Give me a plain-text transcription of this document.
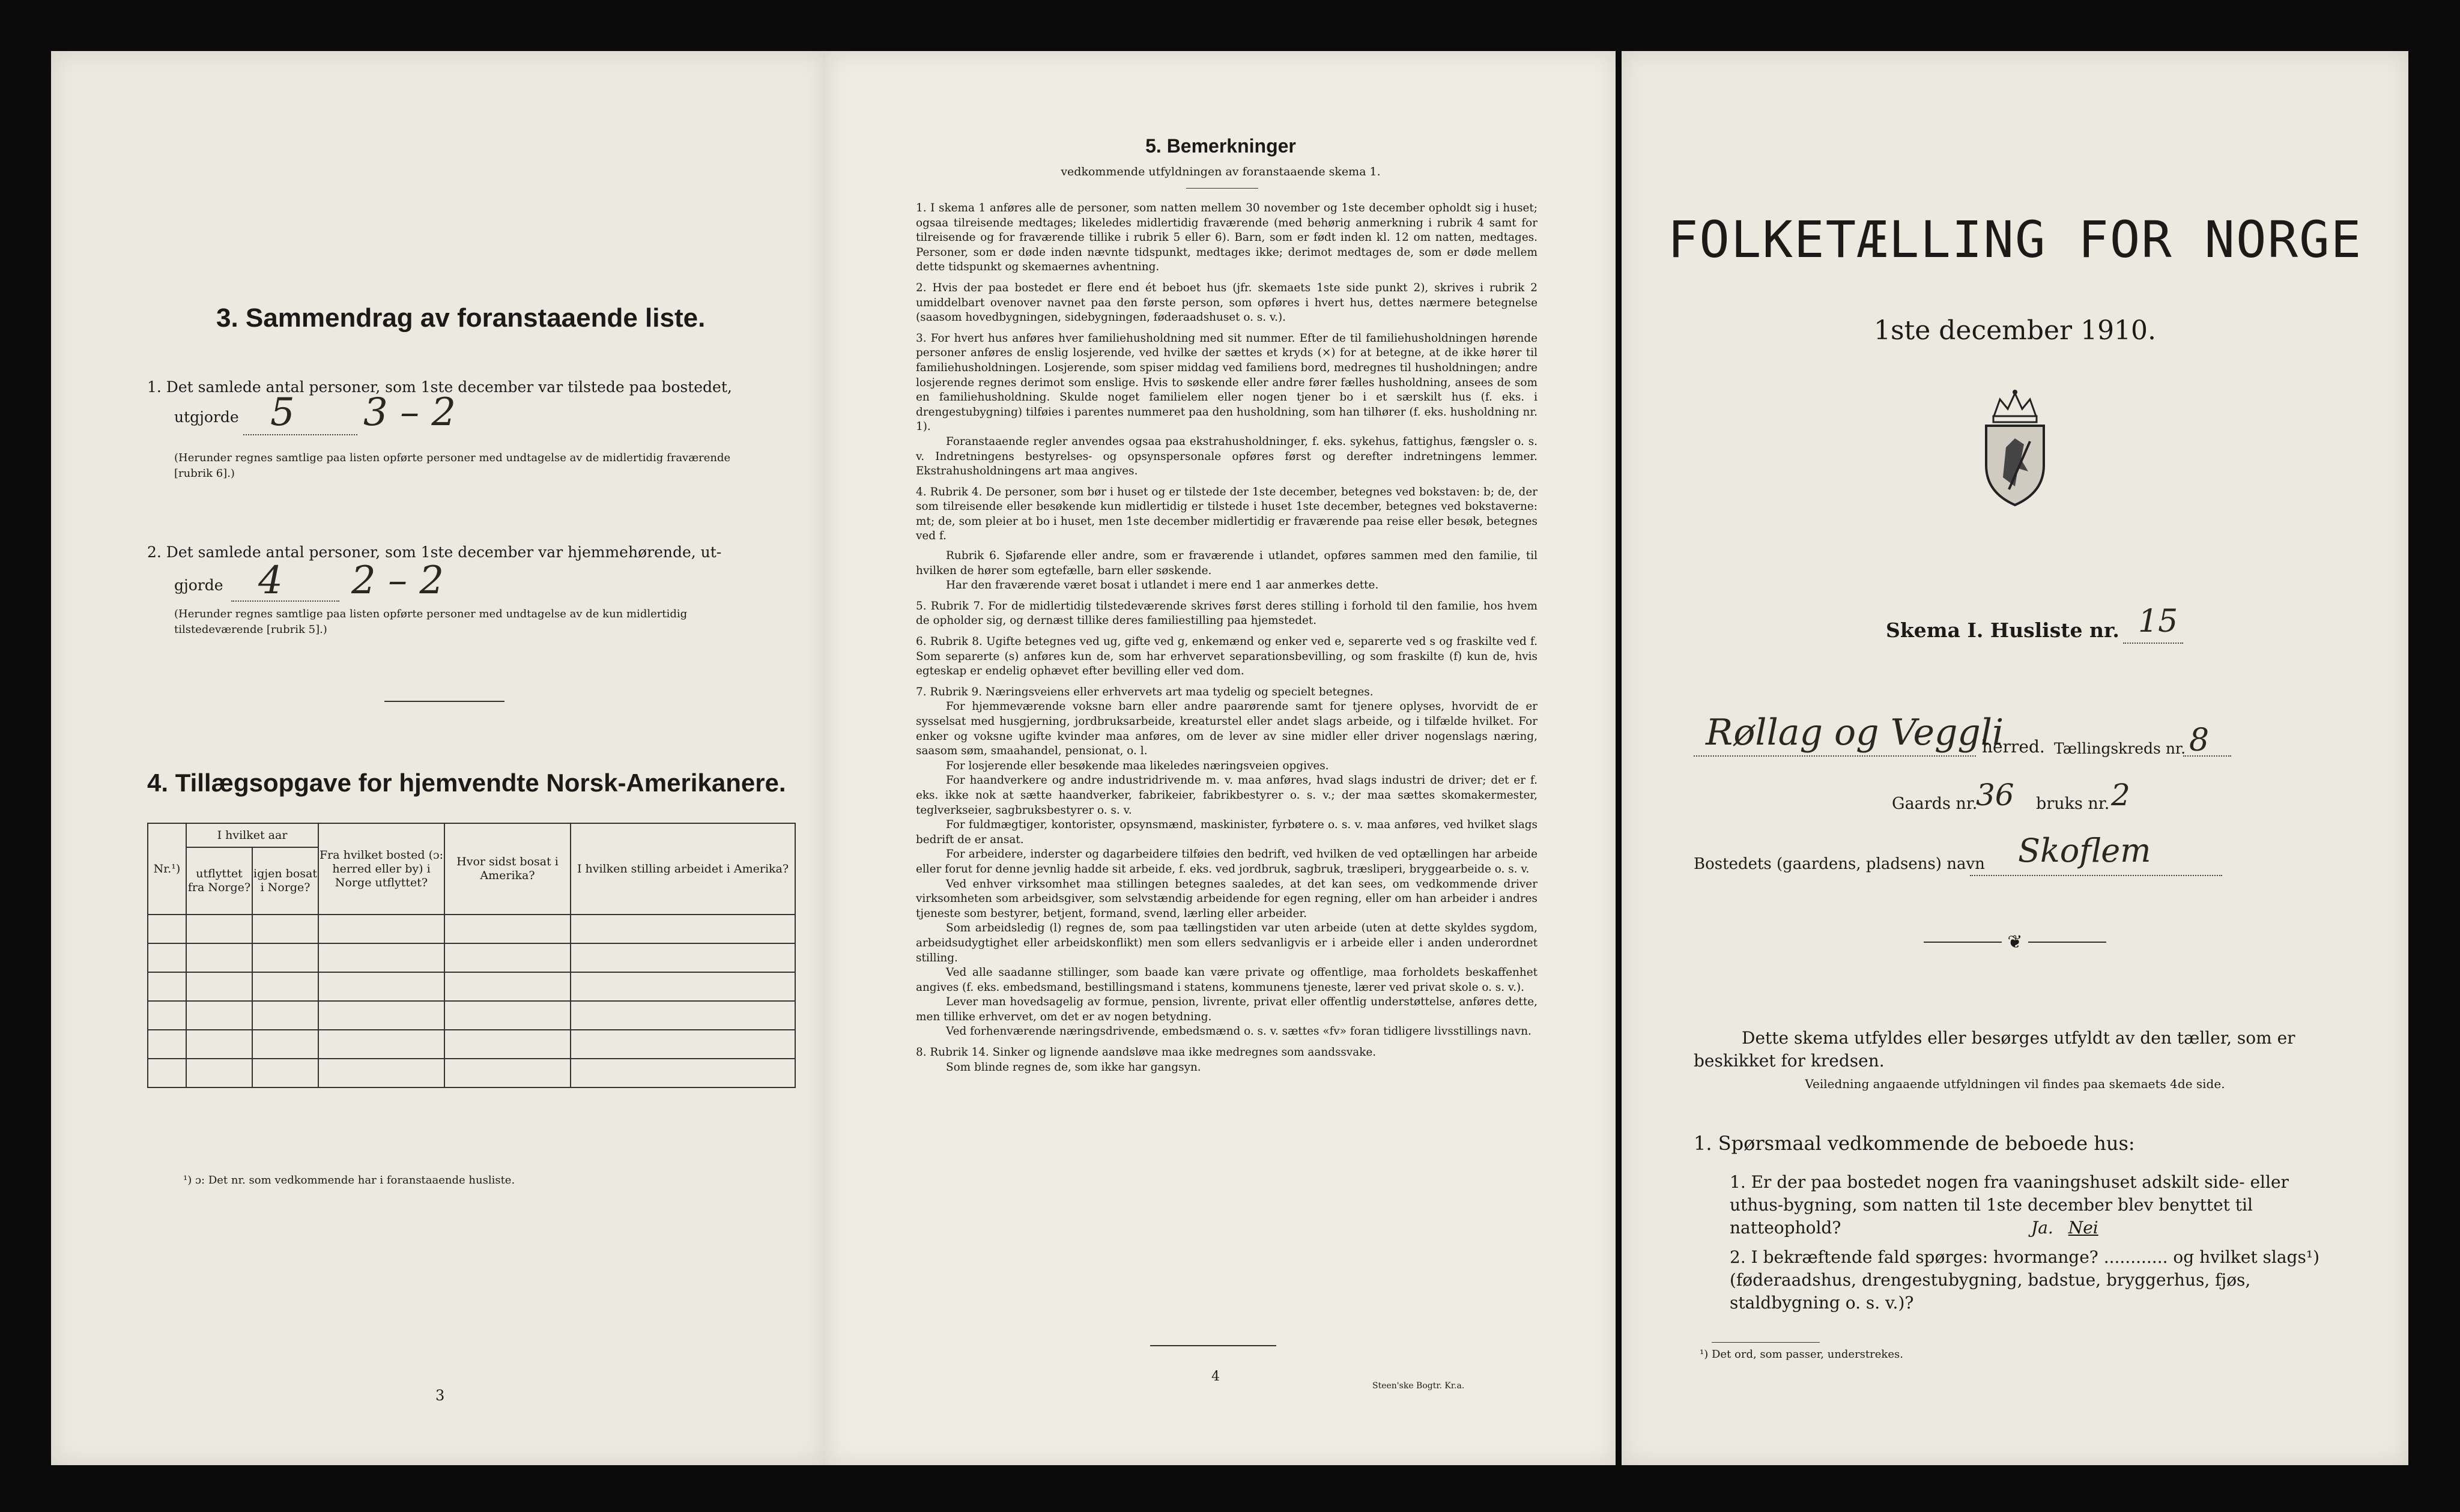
3. Sammendrag av foranstaaende liste.
1. Det samlede antal personer, som 1ste december var tilstede paa bostedet,
utgjorde 5 3 – 2
(Herunder regnes samtlige paa listen opførte personer med undtagelse av de midlertidig fraværende [rubrik 6].)
2. Det samlede antal personer, som 1ste december var hjemmehørende, ut-
gjorde 4 2 – 2
(Herunder regnes samtlige paa listen opførte personer med undtagelse av de kun midlertidig tilstedeværende [rubrik 5].)
4. Tillægsopgave for hjemvendte Norsk-Amerikanere.
Nr.¹)	I hvilket aar		Fra hvilket bosted (ɔ: herred eller by) i Norge utflyttet?	Hvor sidst bosat i Amerika?	I hvilken stilling arbeidet i Amerika?
	utflyttet fra Norge?	igjen bosat i Norge?			

¹) ɔ: Det nr. som vedkommende har i foranstaaende husliste.
3
5. Bemerkninger
vedkommende utfyldningen av foranstaaende skema 1.

1. I skema 1 anføres alle de personer, som natten mellem 30 november og 1ste december opholdt sig i huset; ogsaa tilreisende medtages; likeledes midlertidig fraværende (med behørig anmerkning i rubrik 4 samt for tilreisende og for fraværende tillike i rubrik 5 eller 6). Barn, som er født inden kl. 12 om natten, medtages. Personer, som er døde inden nævnte tidspunkt, medtages ikke; derimot medtages de, som er døde mellem dette tidspunkt og skemaernes avhentning.

2. Hvis der paa bostedet er flere end ét beboet hus (jfr. skemaets 1ste side punkt 2), skrives i rubrik 2 umiddelbart ovenover navnet paa den første person, som opføres i hvert hus, dettes nærmere betegnelse (saasom hovedbygningen, sidebygningen, føderaadshuset o. s. v.).

3. For hvert hus anføres hver familiehusholdning med sit nummer. Efter de til familiehusholdningen hørende personer anføres de enslig losjerende, ved hvilke der sættes et kryds (×) for at betegne, at de ikke hører til familiehusholdningen. Losjerende, som spiser middag ved familiens bord, medregnes til husholdningen; andre losjerende regnes derimot som enslige. Hvis to søskende eller andre fører fælles husholdning, ansees de som en familiehusholdning. Skulde noget familielem eller nogen tjener bo i et særskilt hus (f. eks. i drengestubygning) tilføies i parentes nummeret paa den husholdning, som han tilhører (f. eks. husholdning nr. 1).

Foranstaaende regler anvendes ogsaa paa ekstrahusholdninger, f. eks. sykehus, fattighus, fængsler o. s. v. Indretningens bestyrelses- og opsynspersonale opføres først og derefter indretningens lemmer. Ekstrahusholdningens art maa angives.

4. Rubrik 4. De personer, som bør i huset og er tilstede der 1ste december, betegnes ved bokstaven: b; de, der som tilreisende eller besøkende kun midlertidig er tilstede i huset 1ste december, betegnes ved bokstaverne: mt; de, som pleier at bo i huset, men 1ste december midlertidig er fraværende paa reise eller besøk, betegnes ved f.

Rubrik 6. Sjøfarende eller andre, som er fraværende i utlandet, opføres sammen med den familie, til hvilken de hører som egtefælle, barn eller søskende.

Har den fraværende været bosat i utlandet i mere end 1 aar anmerkes dette.

5. Rubrik 7. For de midlertidig tilstedeværende skrives først deres stilling i forhold til den familie, hos hvem de opholder sig, og dernæst tillike deres familiestilling paa hjemstedet.

6. Rubrik 8. Ugifte betegnes ved ug, gifte ved g, enkemænd og enker ved e, separerte ved s og fraskilte ved f. Som separerte (s) anføres kun de, som har erhvervet separationsbevilling, og som fraskilte (f) kun de, hvis egteskap er endelig ophævet efter bevilling eller ved dom.

7. Rubrik 9. Næringsveiens eller erhvervets art maa tydelig og specielt betegnes.

For hjemmeværende voksne barn eller andre paarørende samt for tjenere oplyses, hvorvidt de er sysselsat med husgjerning, jordbruksarbeide, kreaturstel eller andet slags arbeide, og i tilfælde hvilket. For enker og voksne ugifte kvinder maa anføres, om de lever av sine midler eller driver nogenslags næring, saasom søm, smaahandel, pensionat, o. l.

For losjerende eller besøkende maa likeledes næringsveien opgives.

For haandverkere og andre industridrivende m. v. maa anføres, hvad slags industri de driver; det er f. eks. ikke nok at sætte haandverker, fabrikeier, fabrikbestyrer o. s. v.; der maa sættes skomakermester, teglverkseier, sagbruksbestyrer o. s. v.

For fuldmægtiger, kontorister, opsynsmænd, maskinister, fyrbøtere o. s. v. maa anføres, ved hvilket slags bedrift de er ansat.

For arbeidere, inderster og dagarbeidere tilføies den bedrift, ved hvilken de ved optællingen har arbeide eller forut for denne jevnlig hadde sit arbeide, f. eks. ved jordbruk, sagbruk, træsliperi, bryggearbeide o. s. v.

Ved enhver virksomhet maa stillingen betegnes saaledes, at det kan sees, om vedkommende driver virksomheten som arbeidsgiver, som selvstændig arbeidende for egen regning, eller om han arbeider i andres tjeneste som bestyrer, betjent, formand, svend, lærling eller arbeider.

Som arbeidsledig (l) regnes de, som paa tællingstiden var uten arbeide (uten at dette skyldes sygdom, arbeidsudygtighet eller arbeidskonflikt) men som ellers sedvanligvis er i arbeide eller i anden underordnet stilling.

Ved alle saadanne stillinger, som baade kan være private og offentlige, maa forholdets beskaffenhet angives (f. eks. embedsmand, bestillingsmand i statens, kommunens tjeneste, lærer ved privat skole o. s. v.).

Lever man hovedsagelig av formue, pension, livrente, privat eller offentlig understøttelse, anføres dette, men tillike erhvervet, om det er av nogen betydning.

Ved forhenværende næringsdrivende, embedsmænd o. s. v. sættes «fv» foran tidligere livsstillings navn.

8. Rubrik 14. Sinker og lignende aandsløve maa ikke medregnes som aandssvake.

Som blinde regnes de, som ikke har gangsyn.

4
Steen'ske Bogtr. Kr.a.
FOLKETÆLLING FOR NORGE
1ste december 1910.
Skema I. Husliste nr. 15
Røllag og Veggli
herred. Tællingskreds nr. 8
Gaards nr.
36 bruks nr. 2
Bostedets (gaardens, pladsens) navn Skoflem
❦
Dette skema utfyldes eller besørges utfyldt av den tæller, som er beskikket for kredsen.
Veiledning angaaende utfyldningen vil findes paa skemaets 4de side.
1. Spørsmaal vedkommende de beboede hus:
1. Er der paa bostedet nogen fra vaaningshuset adskilt side- eller uthus-bygning, som natten til 1ste december blev benyttet til natteophold?	Ja. Nei
2. I bekræftende fald spørges: hvormange? ............ og hvilket slags¹) (føderaadshus, drengestubygning, badstue, bryggerhus, fjøs, staldbygning o. s. v.)?
¹) Det ord, som passer, understrekes.
